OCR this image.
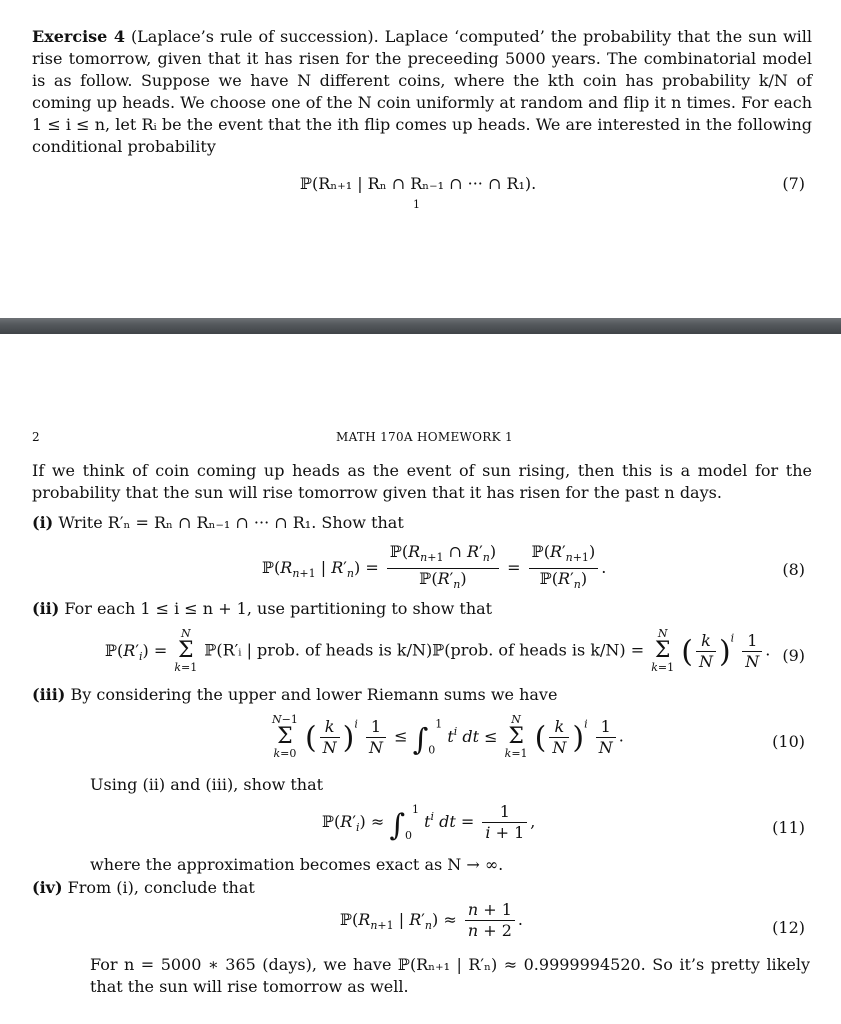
Exercise 4 (Laplace’s rule of succession). Laplace ‘computed’ the probability that the sun will rise tomorrow, given that it has risen for the preceeding 5000 years. The combinatorial model is as follow. Suppose we have N different coins, where the kth coin has probability k/N of coming up heads. We choose one of the N coin uniformly at random and flip it n times. For each 1 ≤ i ≤ n, let Rᵢ be the event that the ith flip comes up heads. We are interested in the following conditional probability
ℙ(Rₙ₊₁ | Rₙ ∩ Rₙ₋₁ ∩ ··· ∩ R₁).	(7)
1
2	MATH 170A HOMEWORK 1
If we think of coin coming up heads as the event of sun rising, then this is a model for the probability that the sun will rise tomorrow given that it has risen for the past n days.
(i) Write R′ₙ = Rₙ ∩ Rₙ₋₁ ∩ ··· ∩ R₁. Show that
$ℙ(R_{n+1}$ | $R'_n) = \frac{ℙ(R_{n+1} \cap R'_n)}{ℙ(R'_n)} = \frac{ℙ(R'_{n+1})}{ℙ(R'_n)}$ .	(8)
(ii) For each 1 ≤ i ≤ n + 1, use partitioning to show that
$ℙ(R'_i) = N$
Σ
k=1 ℙ(R′ᵢ | prob. of heads is k/N)ℙ(prob. of heads is k/N) = N
Σ
k=1 ( $\frac{k}{N} )^i \frac{1}{N}$ . (9)
(iii) By considering the upper and lower Riemann sums we have
N−1
Σ
k=0 ( $\frac{k}{N} )^i \frac{1}{N} \le \int_0^1$ $t^i$ dt ≤ N
Σ
k=1 ( $\frac{k}{N} )^i \frac{1}{N}$ .	(10)
Using (ii) and (iii), show that
$ℙ(R'_i) \approx \int_0^1$ $t^i$ dt = $\frac{1}{i + 1}$ ,	(11)
where the approximation becomes exact as N → ∞.
(iv) From (i), conclude that
$ℙ(R_{n+1}$ | $R'_n) \approx \frac{n + 1}{n + 2}$ .	(12)
For n = 5000 ∗ 365 (days), we have ℙ(Rₙ₊₁ | R′ₙ) ≈ 0.9999994520. So it’s pretty likely that the sun will rise tomorrow as well.
